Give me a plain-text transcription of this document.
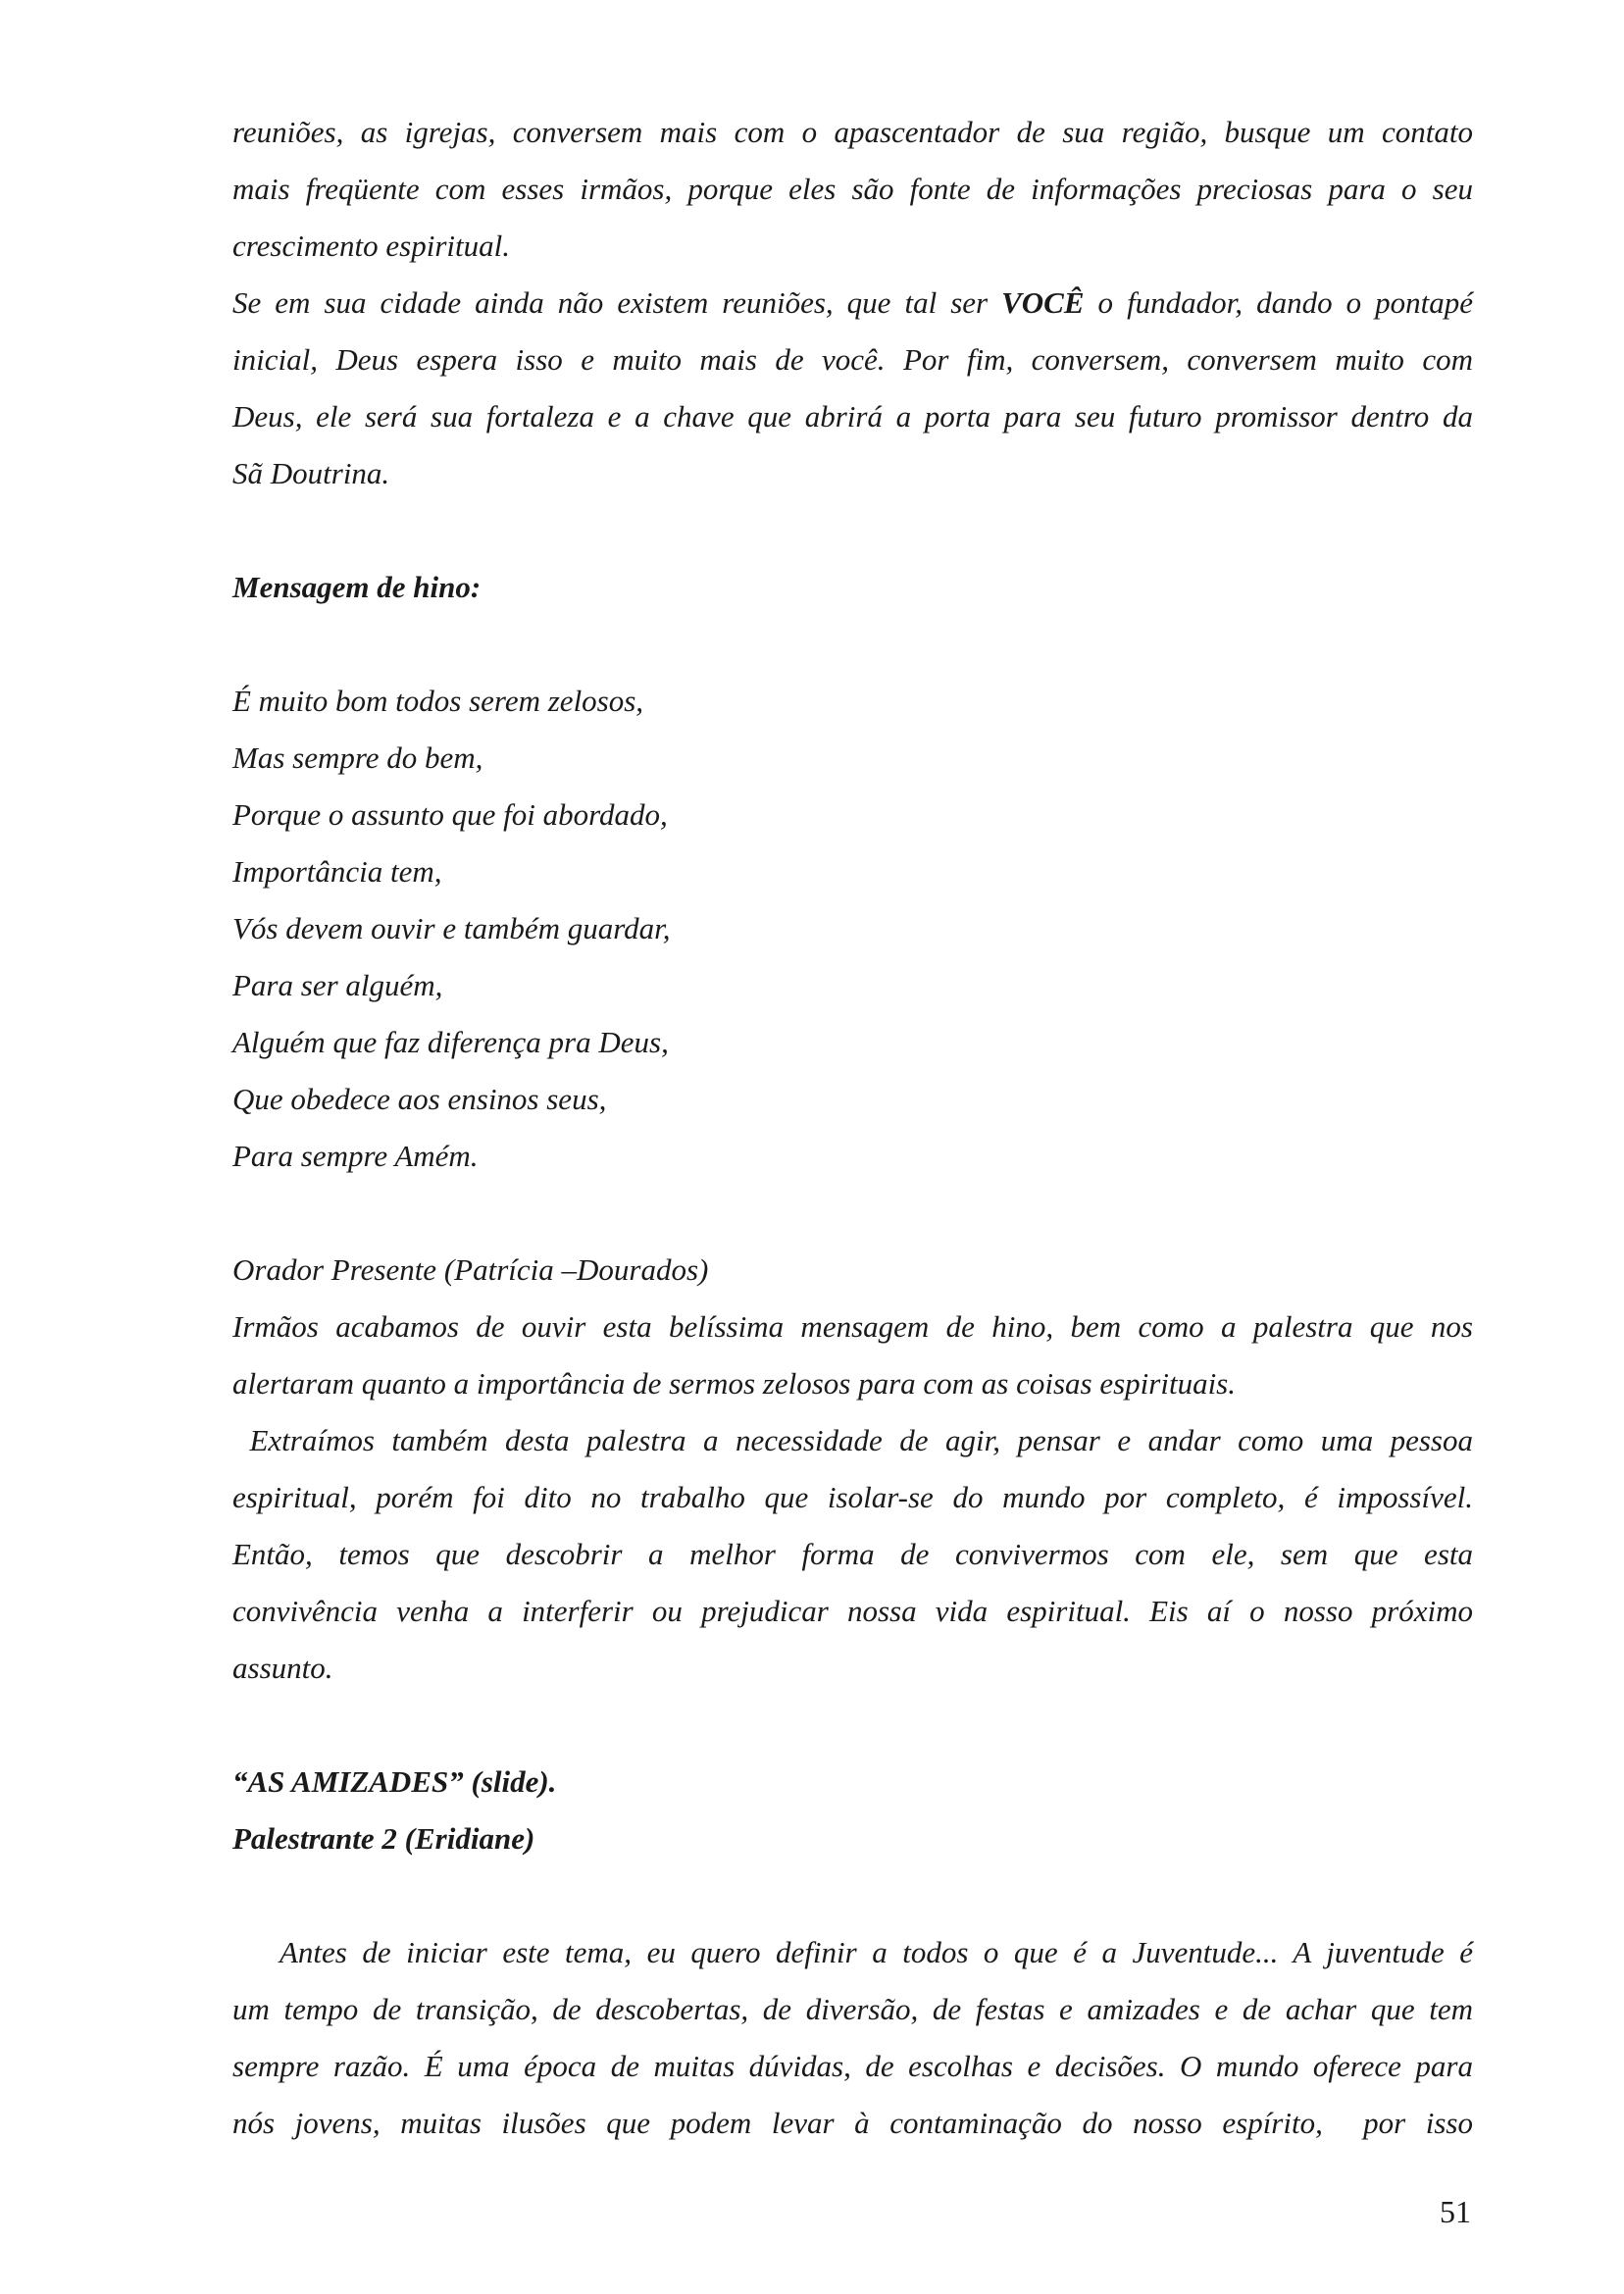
reuniões, as igrejas, conversem mais com o apascentador de sua região, busque um contato
mais freqüente com esses irmãos, porque eles são fonte de informações preciosas para o seu
crescimento espiritual.
Se em sua cidade ainda não existem reuniões, que tal ser VOCÊ o fundador, dando o pontapé
inicial, Deus espera isso e muito mais de você. Por fim, conversem, conversem muito com
Deus, ele será sua fortaleza e a chave que abrirá a porta para seu futuro promissor dentro da
Sã Doutrina.
Mensagem de hino:
É muito bom todos serem zelosos,
Mas sempre do bem,
Porque o assunto que foi abordado,
Importância tem,
Vós devem ouvir e também guardar,
Para ser alguém,
Alguém que faz diferença pra Deus,
Que obedece aos ensinos seus,
Para sempre Amém.
Orador Presente (Patrícia –Dourados)
Irmãos acabamos de ouvir esta belíssima mensagem de hino, bem como a palestra que nos
alertaram quanto a importância de sermos zelosos para com as coisas espirituais.
Extraímos também desta palestra a necessidade de agir, pensar e andar como uma pessoa
espiritual, porém foi dito no trabalho que isolar-se do mundo por completo, é impossível.
Então, temos que descobrir a melhor forma de convivermos com ele, sem que esta
convivência venha a interferir ou prejudicar nossa vida espiritual. Eis aí o nosso próximo
assunto.
“AS AMIZADES” (slide).
Palestrante 2 (Eridiane)
Antes de iniciar este tema, eu quero definir a todos o que é a Juventude... A juventude é
um tempo de transição, de descobertas, de diversão, de festas e amizades e de achar que tem
sempre razão. É uma época de muitas dúvidas, de escolhas e decisões. O mundo oferece para
nós jovens, muitas ilusões que podem levar à contaminação do nosso espírito,  por isso
51
